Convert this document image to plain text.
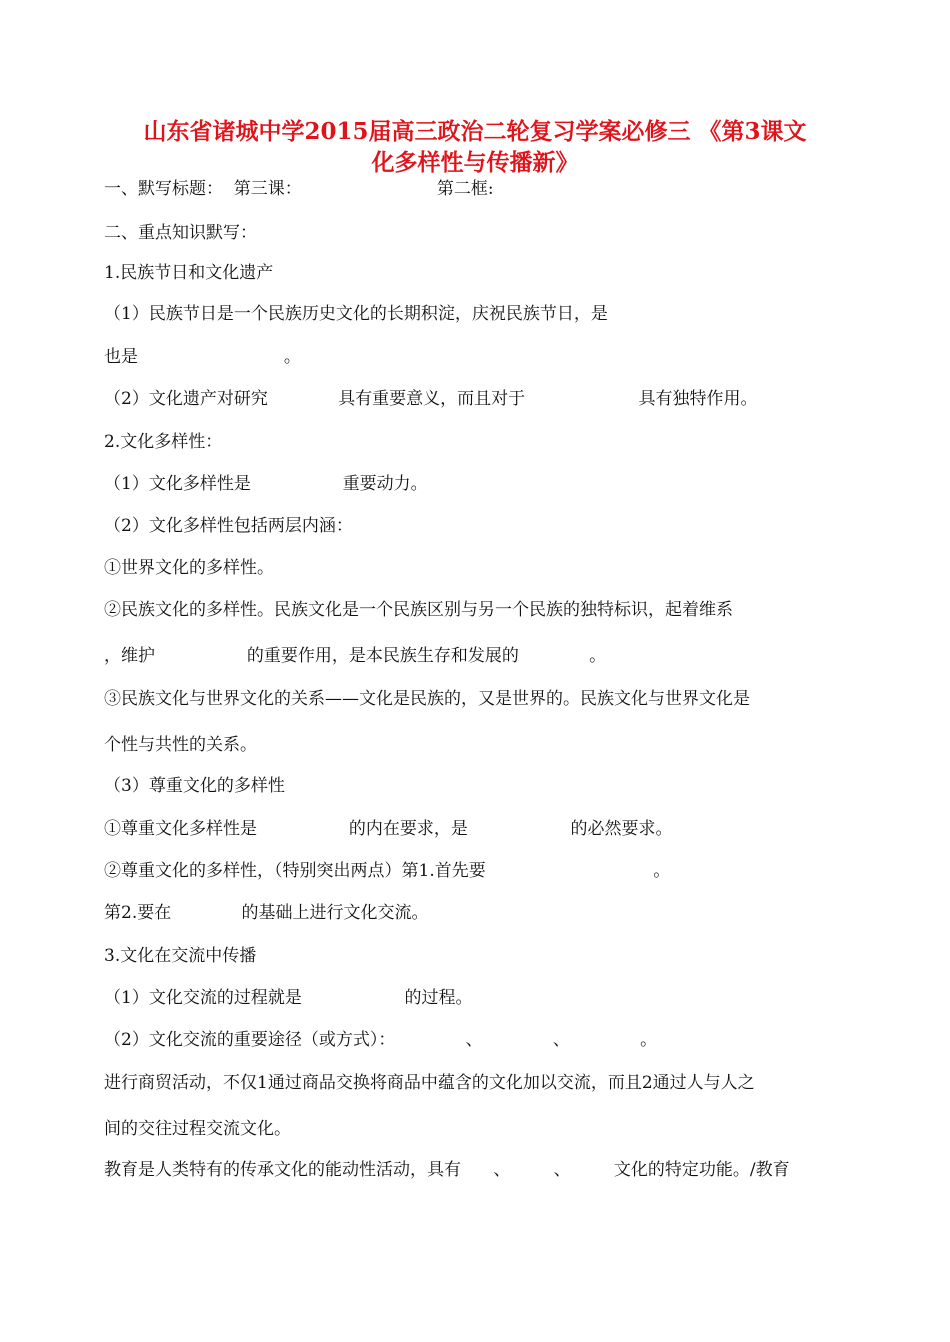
山东省诸城中学2015届高三政治二轮复习学案必修三 《第3课文
化多样性与传播新》
一、默写标题：  第三课：                         第二框:
二、重点知识默写：
1.民族节日和文化遗产
（1）民族节日是一个民族历史文化的长期积淀，庆祝民族节日，是
也是                           。
（2）文化遗产对研究             具有重要意义，而且对于                     具有独特作用。
2.文化多样性：
（1）文化多样性是                 重要动力。
（2）文化多样性包括两层内涵：
①世界文化的多样性。
②民族文化的多样性。民族文化是一个民族区别与另一个民族的独特标识，起着维系
，维护                 的重要作用，是本民族生存和发展的             。
③民族文化与世界文化的关系——文化是民族的，又是世界的。民族文化与世界文化是
个性与共性的关系。
（3）尊重文化的多样性
①尊重文化多样性是                 的内在要求，是                   的必然要求。
②尊重文化的多样性，（特别突出两点）第1.首先要                               。
第2.要在             的基础上进行文化交流。
3.文化在交流中传播
（1）文化交流的过程就是                   的过程。
（2）文化交流的重要途径（或方式）：             、             、             。
进行商贸活动，不仅1通过商品交换将商品中蕴含的文化加以交流，而且2通过人与人之
间的交往过程交流文化。
教育是人类特有的传承文化的能动性活动，具有      、        、        文化的特定功能。/教育
